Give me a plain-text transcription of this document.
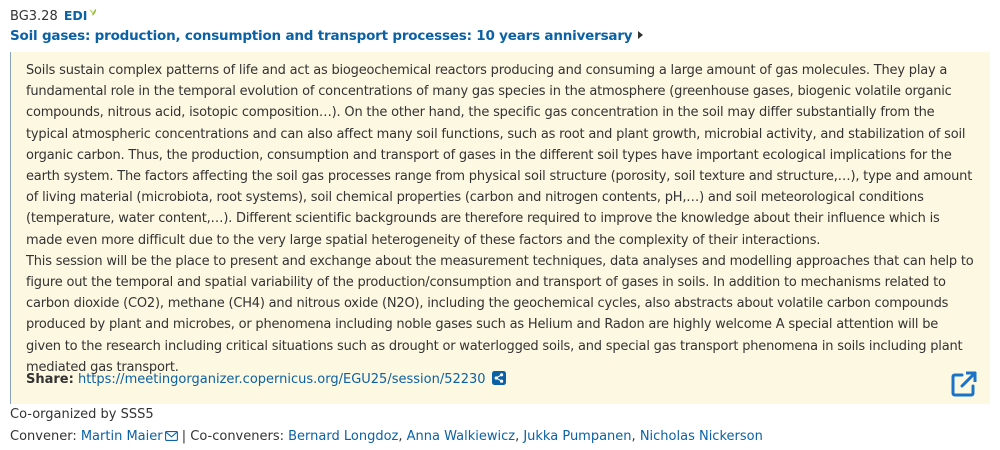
BG3.28 EDI
Soil gases: production, consumption and transport processes: 10 years anniversary

Soils sustain complex patterns of life and act as biogeochemical reactors producing and consuming a large amount of gas molecules. They play a fundamental role in the temporal evolution of concentrations of many gas species in the atmosphere (greenhouse gases, biogenic volatile organic compounds, nitrous acid, isotopic composition…). On the other hand, the specific gas concentration in the soil may differ substantially from the typical atmospheric concentrations and can also affect many soil functions, such as root and plant growth, microbial activity, and stabilization of soil organic carbon. Thus, the production, consumption and transport of gases in the different soil types have important ecological implications for the earth system. The factors affecting the soil gas processes range from physical soil structure (porosity, soil texture and structure,…), type and amount of living material (microbiota, root systems), soil chemical properties (carbon and nitrogen contents, pH,…) and soil meteorological conditions (temperature, water content,…). Different scientific backgrounds are therefore required to improve the knowledge about their influence which is made even more difficult due to the very large spatial heterogeneity of these factors and the complexity of their interactions.

This session will be the place to present and exchange about the measurement techniques, data analyses and modelling approaches that can help to figure out the temporal and spatial variability of the production/consumption and transport of gases in soils. In addition to mechanisms related to carbon dioxide (CO2), methane (CH4) and nitrous oxide (N2O), including the geochemical cycles, also abstracts about volatile carbon compounds produced by plant and microbes, or phenomena including noble gases such as Helium and Radon are highly welcome A special attention will be given to the research including critical situations such as drought or waterlogged soils, and special gas transport phenomena in soils including plant mediated gas transport.

Share: https://meetingorganizer.copernicus.org/EGU25/session/52230
Co-organized by SSS5
Convener: Martin Maier | Co-conveners: Bernard Longdoz, Anna Walkiewicz, Jukka Pumpanen, Nicholas Nickerson
